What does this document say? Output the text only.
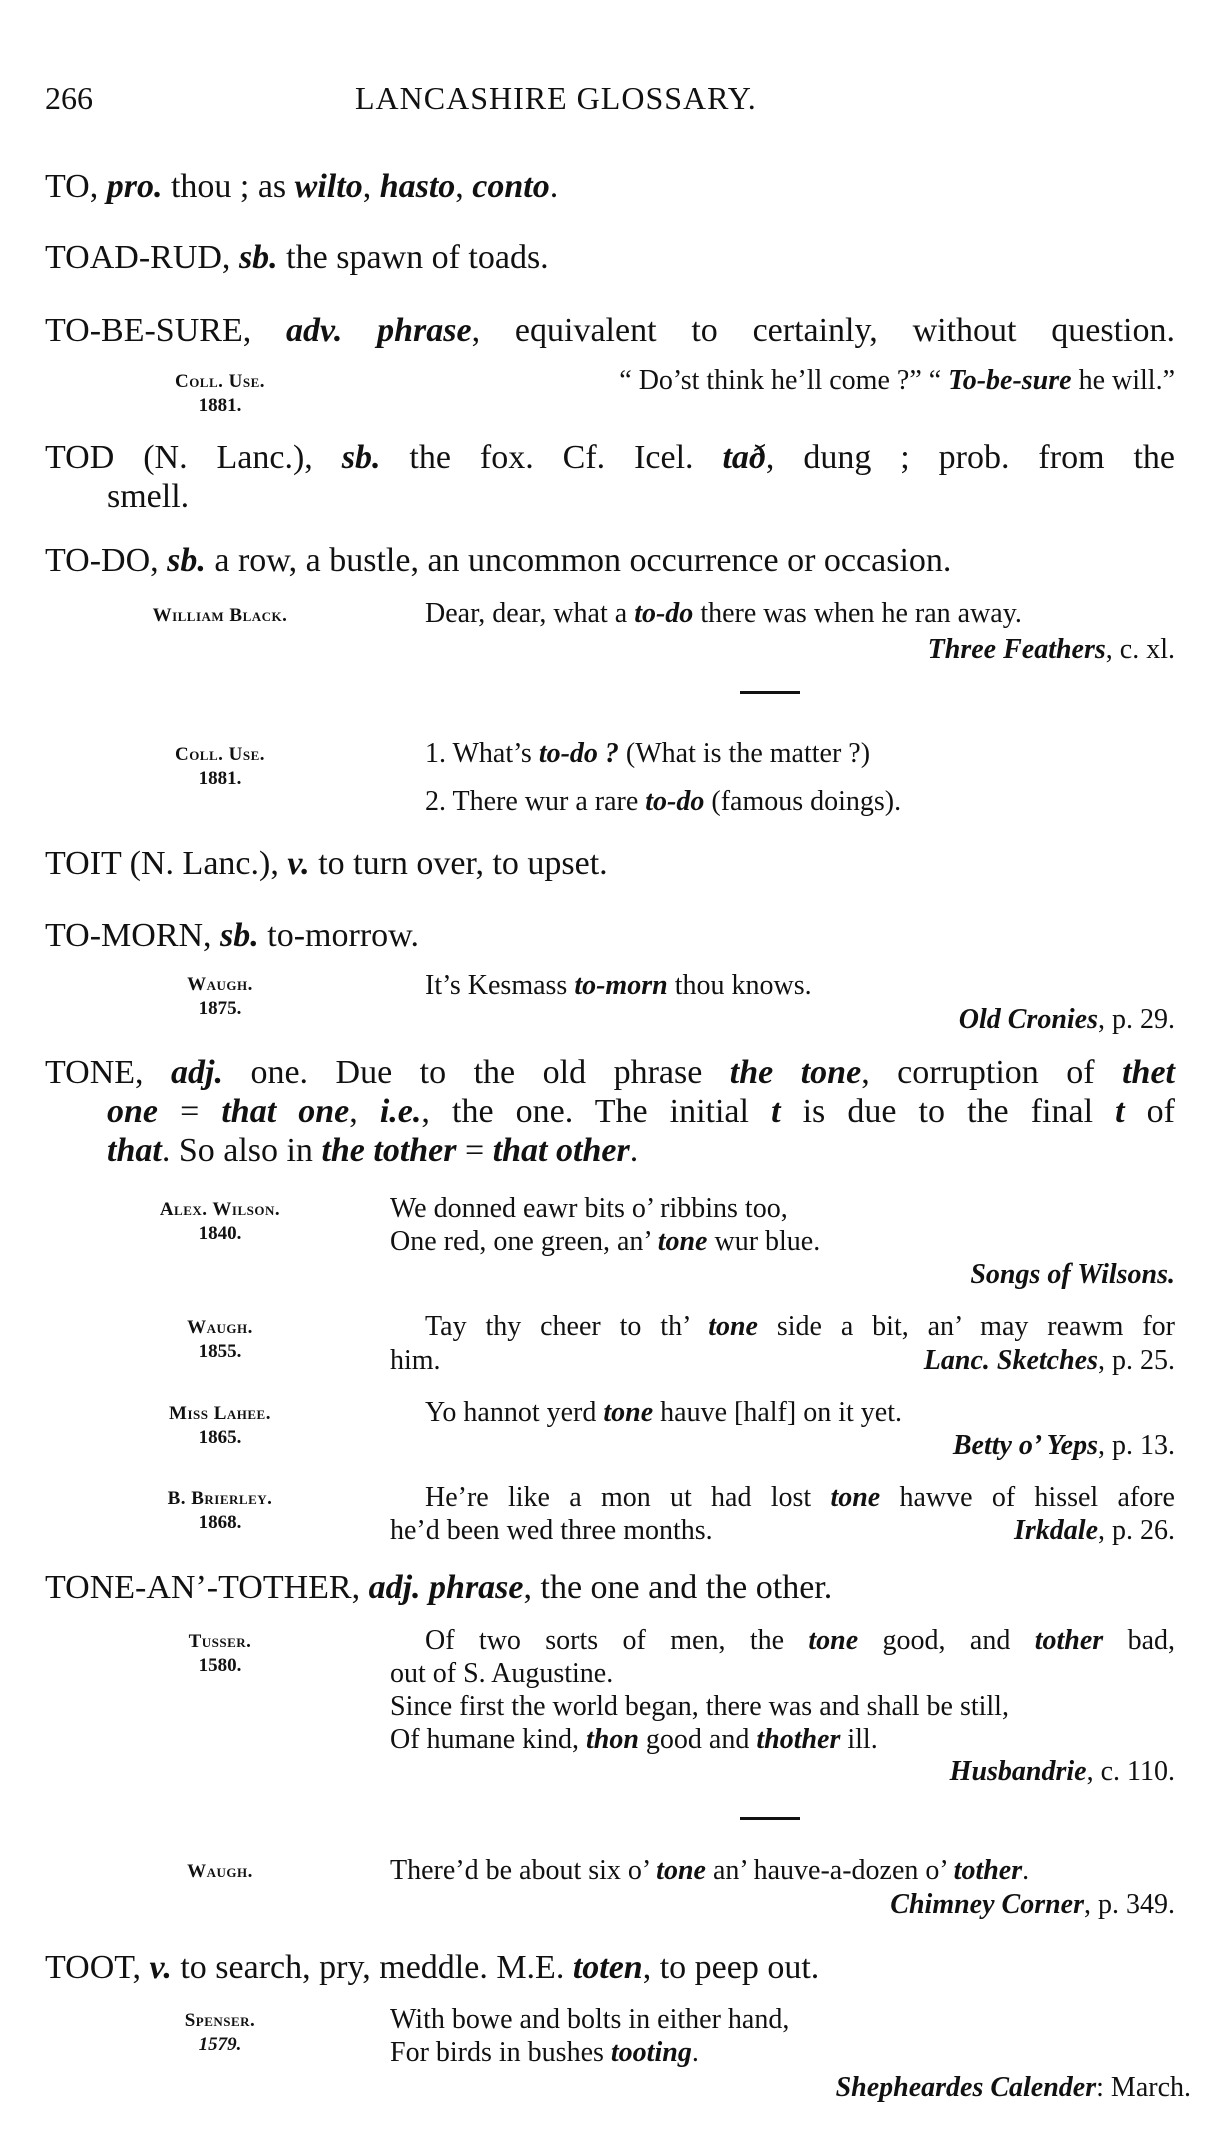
266	LANCASHIRE GLOSSARY.
TO, pro. thou ; as wilto, hasto, conto.
TOAD-RUD, sb. the spawn of toads.
TO-BE-SURE, adv. phrase, equivalent to certainly, without question.
Coll. Use.
1881.
“ Do’st think he’ll come ?” “ To-be-sure he will.”
TOD (N. Lanc.), sb. the fox. Cf. Icel. tað, dung ; prob. from the
smell.
TO-DO, sb. a row, a bustle, an uncommon occurrence or occasion.
William Black.	Dear, dear, what a to-do there was when he ran away.
Three Feathers, c. xl.
Coll. Use.
1881.
1. What’s to-do ? (What is the matter ?)
2. There wur a rare to-do (famous doings).
TOIT (N. Lanc.), v. to turn over, to upset.
TO-MORN, sb. to-morrow.
Waugh.
1875.
It’s Kesmass to-morn thou knows.
Old Cronies, p. 29.
TONE, adj. one. Due to the old phrase the tone, corruption of thet
one = that one, i.e., the one. The initial t is due to the final t of
that. So also in the tother = that other.
Alex. Wilson.
1840.
We donned eawr bits o’ ribbins too,
One red, one green, an’ tone wur blue.
Songs of Wilsons.
Waugh.
1855.
Tay thy cheer to th’ tone side a bit, an’ may reawm for
him.	Lanc. Sketches, p. 25.
Miss Lahee.
1865.
Yo hannot yerd tone hauve [half] on it yet.
Betty o’ Yeps, p. 13.
B. Brierley.
1868.
He’re like a mon ut had lost tone hawve of hissel afore
he’d been wed three months.	Irkdale, p. 26.
TONE-AN’-TOTHER, adj. phrase, the one and the other.
Tusser.
1580.
Of two sorts of men, the tone good, and tother bad,
out of S. Augustine.
Since first the world began, there was and shall be still,
Of humane kind, thon good and thother ill.
Husbandrie, c. 110.
Waugh.	There’d be about six o’ tone an’ hauve-a-dozen o’ tother.
Chimney Corner, p. 349.
TOOT, v. to search, pry, meddle. M.E. toten, to peep out.
Spenser.
1579.
With bowe and bolts in either hand,
For birds in bushes tooting.
Shepheardes Calender: March.
